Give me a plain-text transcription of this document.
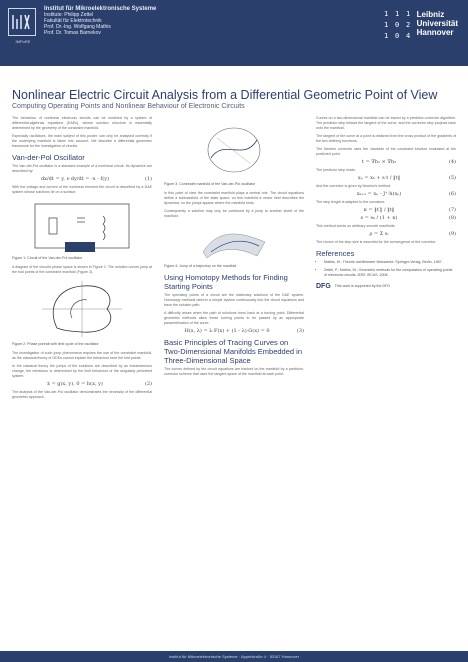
IMPuRE
Institut für Mikroelektronische Systeme
Institute: Philipp Zettel
Fakultät für Elektrotechnik
Prof. Dr.-Ing. Wolfgang Mathis
Prof. Dr. Tomas Barnekov
1 1 1
1 0 2
1 0 4
Leibniz
Universität
Hannover
Nonlinear Electric Circuit Analysis from a Differential Geometric Point of View
Computing Operating Points and Nonlinear Behaviour of Electronic Circuits
The behaviour of nonlinear electronic circuits can be modeled by a system of differential-algebraic equations (DAEs), whose solution structure is essentially determined by the geometry of the constraint manifold.
Especially oscillators, the main subject of this poster, can only be analysed correctly if the underlying manifold is taken into account. We describe a differential geometric framework for the investigation of circuits.
Van-der-Pol Oscillator
The Van-der-Pol oscillator is a standard example of a nonlinear circuit. Its dynamics are described by:
dx/dt = y, ε·dy/dt = -x - f(y)	(1)
With the voltage and current of the nonlinear element the circuit is described by a DAE system whose solutions lie on a surface.
Figure 1: Circuit of the Van-der-Pol oscillator
A diagram of the circuit's phase space is shown in Figure 2. The solution curves jump at the fold points of the constraint manifold (Figure 3).
Figure 2: Phase portrait with limit cycle of the oscillator
The investigation of such jump phenomena requires the use of the constraint manifold, as the classical theory of ODEs cannot explain the behaviour near the fold points.
In the classical theory the jumps of the solutions are described by an instantaneous change, the behaviour is determined by the limit behaviour of the singularly perturbed system.
ẋ = g(x, y), 0 = h(x, y)	(2)
The analysis of the Van-der-Pol oscillator demonstrates the necessity of the differential geometric approach.
Figure 3: Constraint manifold of the Van-der-Pol oscillator
In this point of view the constraint manifold plays a central role. The circuit equations define a submanifold of the state space; on this manifold a vector field describes the dynamics, so the jumps appear where the manifold folds.
Consequently a solution may only be continued by a jump to another sheet of the manifold.
Figure 4: Jump of a trajectory on the manifold
Using Homotopy Methods for Finding Starting Points
The operating points of a circuit are the stationary solutions of the DAE system. Homotopy methods deform a simple system continuously into the circuit equations and trace the solution path.
A difficulty arises when the path of solutions turns back at a turning point. Differential geometric methods allow these turning points to be passed by an appropriate parametrisation of the curve.
H(x, λ) = λ·F(x) + (1 - λ)·G(x) = 0	(3)
Basic Principles of Tracing Curves on Two-Dimensional Manifolds Embedded in Three-Dimensional Space
The curves defined by the circuit equations are tracked on the manifold by a predictor-corrector scheme that uses the tangent space of the manifold at each point.
Curves on a two-dimensional manifold can be traced by a predictor-corrector algorithm. The predictor step follows the tangent of the curve, and the corrector step projects back onto the manifold.
The tangent of the curve at a point is obtained from the cross product of the gradients of the two defining functions.
The Newton corrector uses the Jacobian of the constraint function evaluated at the predicted point.
t = ∇h₁ × ∇h₂	(4)
The predictor step reads:
xₚ = xₖ + s·t / ‖t‖	(5)
And the corrector is given by Newton's method:
xₖ₊₁ = xₚ - J⁺·h(xₚ)	(6)
The step length is adapted to the curvature.
κ = ‖t′‖ / ‖t‖	(7)
s = s₀ / (1 + κ)	(8)
This method works on arbitrary smooth manifolds.
ρ = Σ sᵢ	(9)
The choice of the step size is essential for the convergence of the corrector.
References
• Mathis, W.: Theorie nichtlinearer Netzwerke. Springer-Verlag, Berlin, 1987.
• Zettel, P., Mathis, W.: Geometric methods for the computation of operating points of electronic circuits. IEEE ISCAS, 2008.
DFG This work is supported by the DFG.
Institut für Mikroelektronische Systeme · Appelstraße 4 · 30167 Hannover
